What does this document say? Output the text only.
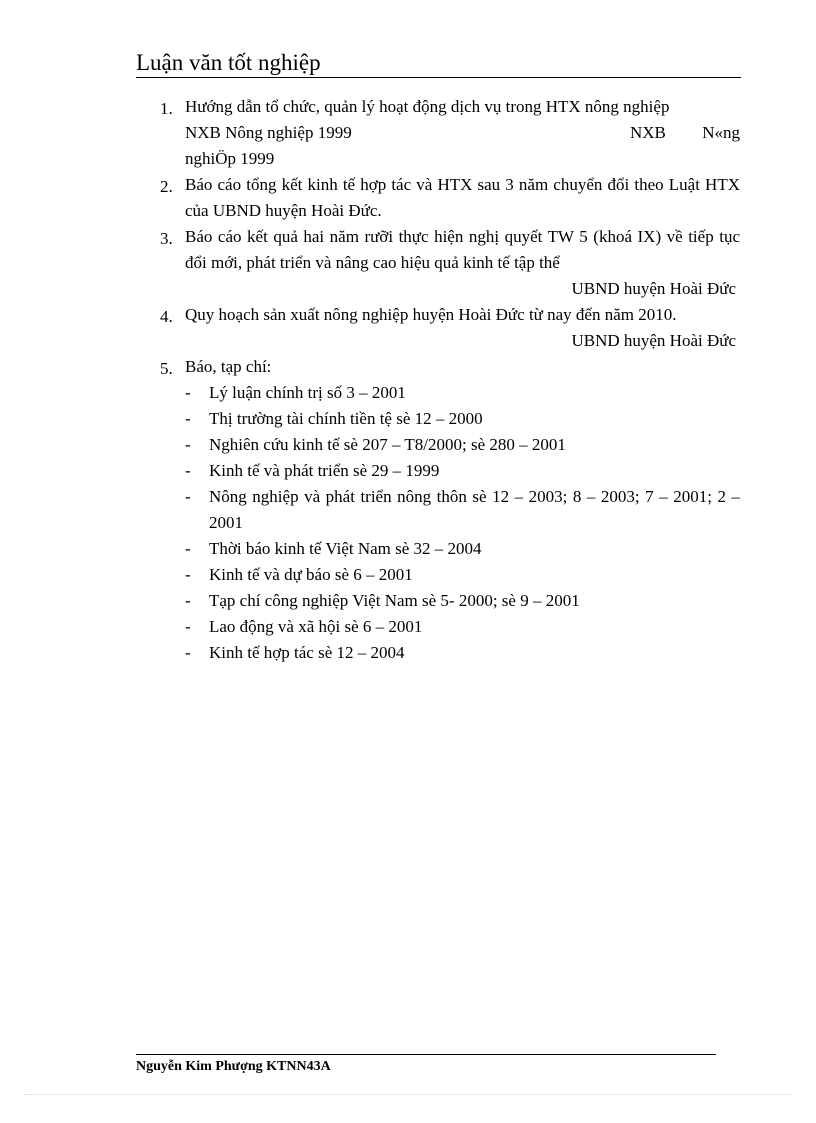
Luận văn tốt nghiệp
1. Hướng dẫn tổ chức, quản lý hoạt động dịch vụ trong HTX nông nghiệp
NXB Nông nghiệp 1999	NXB N«ng
nghiÖp 1999
2. Báo cáo tổng kết kinh tế hợp tác và HTX sau 3 năm chuyển đổi theo Luật HTX của UBND huyện Hoài Đức.
3. Báo cáo kết quả hai năm rưỡi thực hiện nghị quyết TW 5 (khoá IX) về tiếp tục đổi mới, phát triển và nâng cao hiệu quả kinh tế tập thể
UBND huyện Hoài Đức
4. Quy hoạch sản xuất nông nghiệp huyện Hoài Đức từ nay đến năm 2010.
UBND huyện Hoài Đức
5. Báo, tạp chí:
- Lý luận chính trị số 3 – 2001
- Thị trường tài chính tiền tệ sè 12 – 2000
- Nghiên cứu kinh tế sè 207 – T8/2000; sè 280 – 2001
- Kinh tế và phát triển sè 29 – 1999
- Nông nghiệp và phát triển nông thôn sè 12 – 2003; 8 – 2003; 7 – 2001; 2 – 2001
- Thời báo kinh tế Việt Nam sè 32 – 2004
- Kinh tế và dự báo sè 6 – 2001
- Tạp chí công nghiệp Việt Nam sè 5- 2000; sè 9 – 2001
- Lao động và xã hội sè 6 – 2001
- Kinh tế hợp tác sè 12 – 2004
Nguyễn Kim Phượng KTNN43A
